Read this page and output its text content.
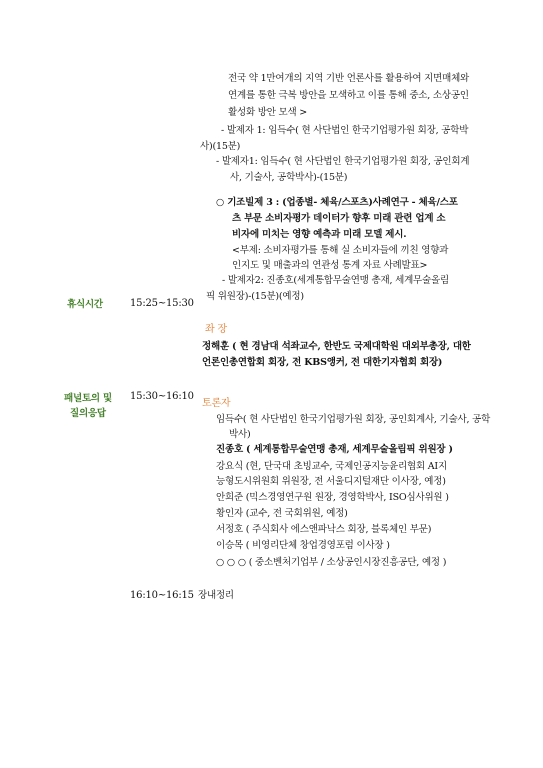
전국 약 1만여개의 지역 기반 언론사를 활용하여 지면매체와
연계를 통한 극복 방안을 모색하고 이를 통해 중소, 소상공인
활성화 방안 모색 >
- 발제자 1: 임득수( 현 사단법인 한국기업평가원 회장, 공학박
사)(15분)
- 발제자1: 임득수( 현 사단법인 한국기업평가원 회장, 공인회계
사, 기술사, 공학박사)-(15분)
○ 기조빌제 3 : (업종별- 체육/스포츠)사례연구 - 체육/스포
츠 부문 소비자평가 데이터가 향후 미래 관련 업계 소
비자에 미치는 영향 예측과 미래 모델 제시.
<부제: 소비자평가를 통해 실 소비자들에 끼친 영향과
인지도 및 매출과의 연관성 통계 자료 사례발표>
- 발제자2: 진종호(세계통합무술연맹 총재, 세계무술올림
픽 위원장)-(15분)(예정)
휴식시간	15:25~15:30
좌 장
정해훈 ( 현 경남대 석좌교수, 한반도 국제대학원 대외부총장, 대한
언론인총연합회 회장, 전 KBS앵커, 전 대한기자협회 회장)
패널토의 및
질의응답
15:30~16:10
토론자
임득수( 현 사단법인 한국기업평가원 회장, 공인회계사, 기술사, 공학
박사)
진종호 ( 세계통합무술연맹 총재, 세계무술올림픽 위원장 )
강요식 (현, 단국대 초빙교수, 국제인공지능윤리협회 AI지
능형도시위원회 위원장, 전 서울디지털재단 이사장, 예정)
안희준 (믹스경영연구원 원장, 경영학박사, ISO심사위원 )
황인자 (교수, 전 국회위원, 예정)
서정호 ( 주식회사 에스앤파낙스 회장, 블록체인 부문)
이승목 ( 비영리단체 창업경영포럼 이사장 )
○ ○ ○ ( 중소벤처기업부 / 소상공인시장진흥공단, 예정 )
16:10~16:15 장내정리
